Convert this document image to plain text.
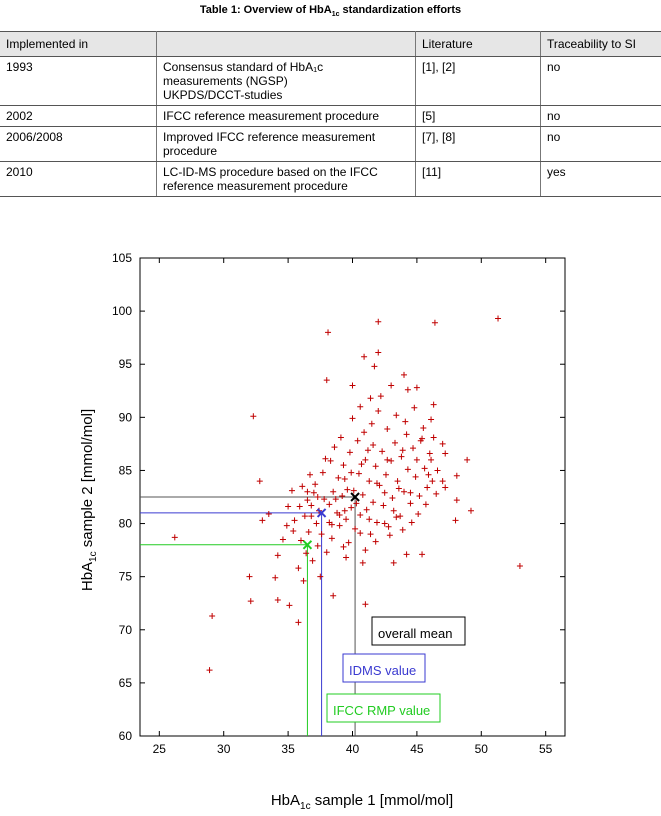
Table 1: Overview of HbA$_{1c}$ standardization efforts
Implemented in		Literature	Traceability to SI
1993	Consensus standard of HbA₁c
measurements (NGSP)
UKPDS/DCCT-studies	[1], [2]	no
2002	IFCC reference measurement procedure	[5]	no
2006/2008	Improved IFCC reference measurement
procedure	[7], [8]	no
2010	LC-ID-MS procedure based on the IFCC
reference measurement procedure	[11]	yes
25	30	35	40	45	50	55
60
65
70
75
80
85
90
95
100
105
overall mean
IDMS value
IFCC RMP value
HbA$_{1c}$ sample 1 [mmol/mol]
HbA$_{1c}$ sample 2 [mmol/mol]
